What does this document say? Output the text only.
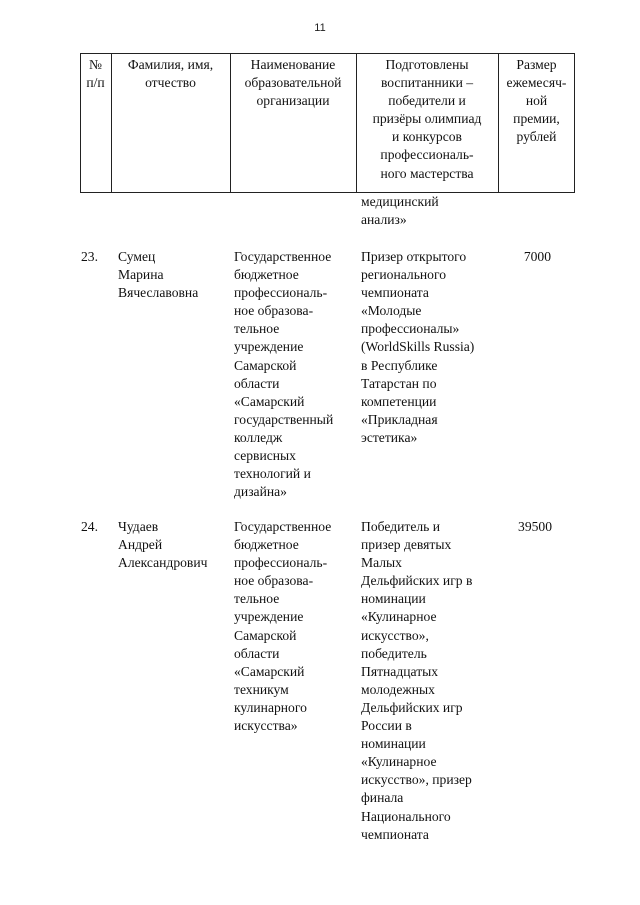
11
№
п/п
Фамилия, имя,
отчество
Наименование
образовательной
организации
Подготовлены
воспитанники –
победители и
призёры олимпиад
и конкурсов
профессиональ-
ного мастерства
Размер
ежемесяч-
ной
премии,
рублей
медицинский
анализ»
23.	Сумец
Марина
Вячеславовна
Государственное
бюджетное
профессиональ-
ное образова-
тельное
учреждение
Самарской
области
«Самарский
государственный
колледж
сервисных
технологий и
дизайна»
Призер открытого
регионального
чемпионата
«Молодые
профессионалы»
(WorldSkills Russia)
в Республике
Татарстан по
компетенции
«Прикладная
эстетика»
7000
24.	Чудаев
Андрей
Александрович
Государственное
бюджетное
профессиональ-
ное образова-
тельное
учреждение
Самарской
области
«Самарский
техникум
кулинарного
искусства»
Победитель и
призер девятых
Малых
Дельфийских игр в
номинации
«Кулинарное
искусство»,
победитель
Пятнадцатых
молодежных
Дельфийских игр
России в
номинации
«Кулинарное
искусство», призер
финала
Национального
чемпионата
39500
